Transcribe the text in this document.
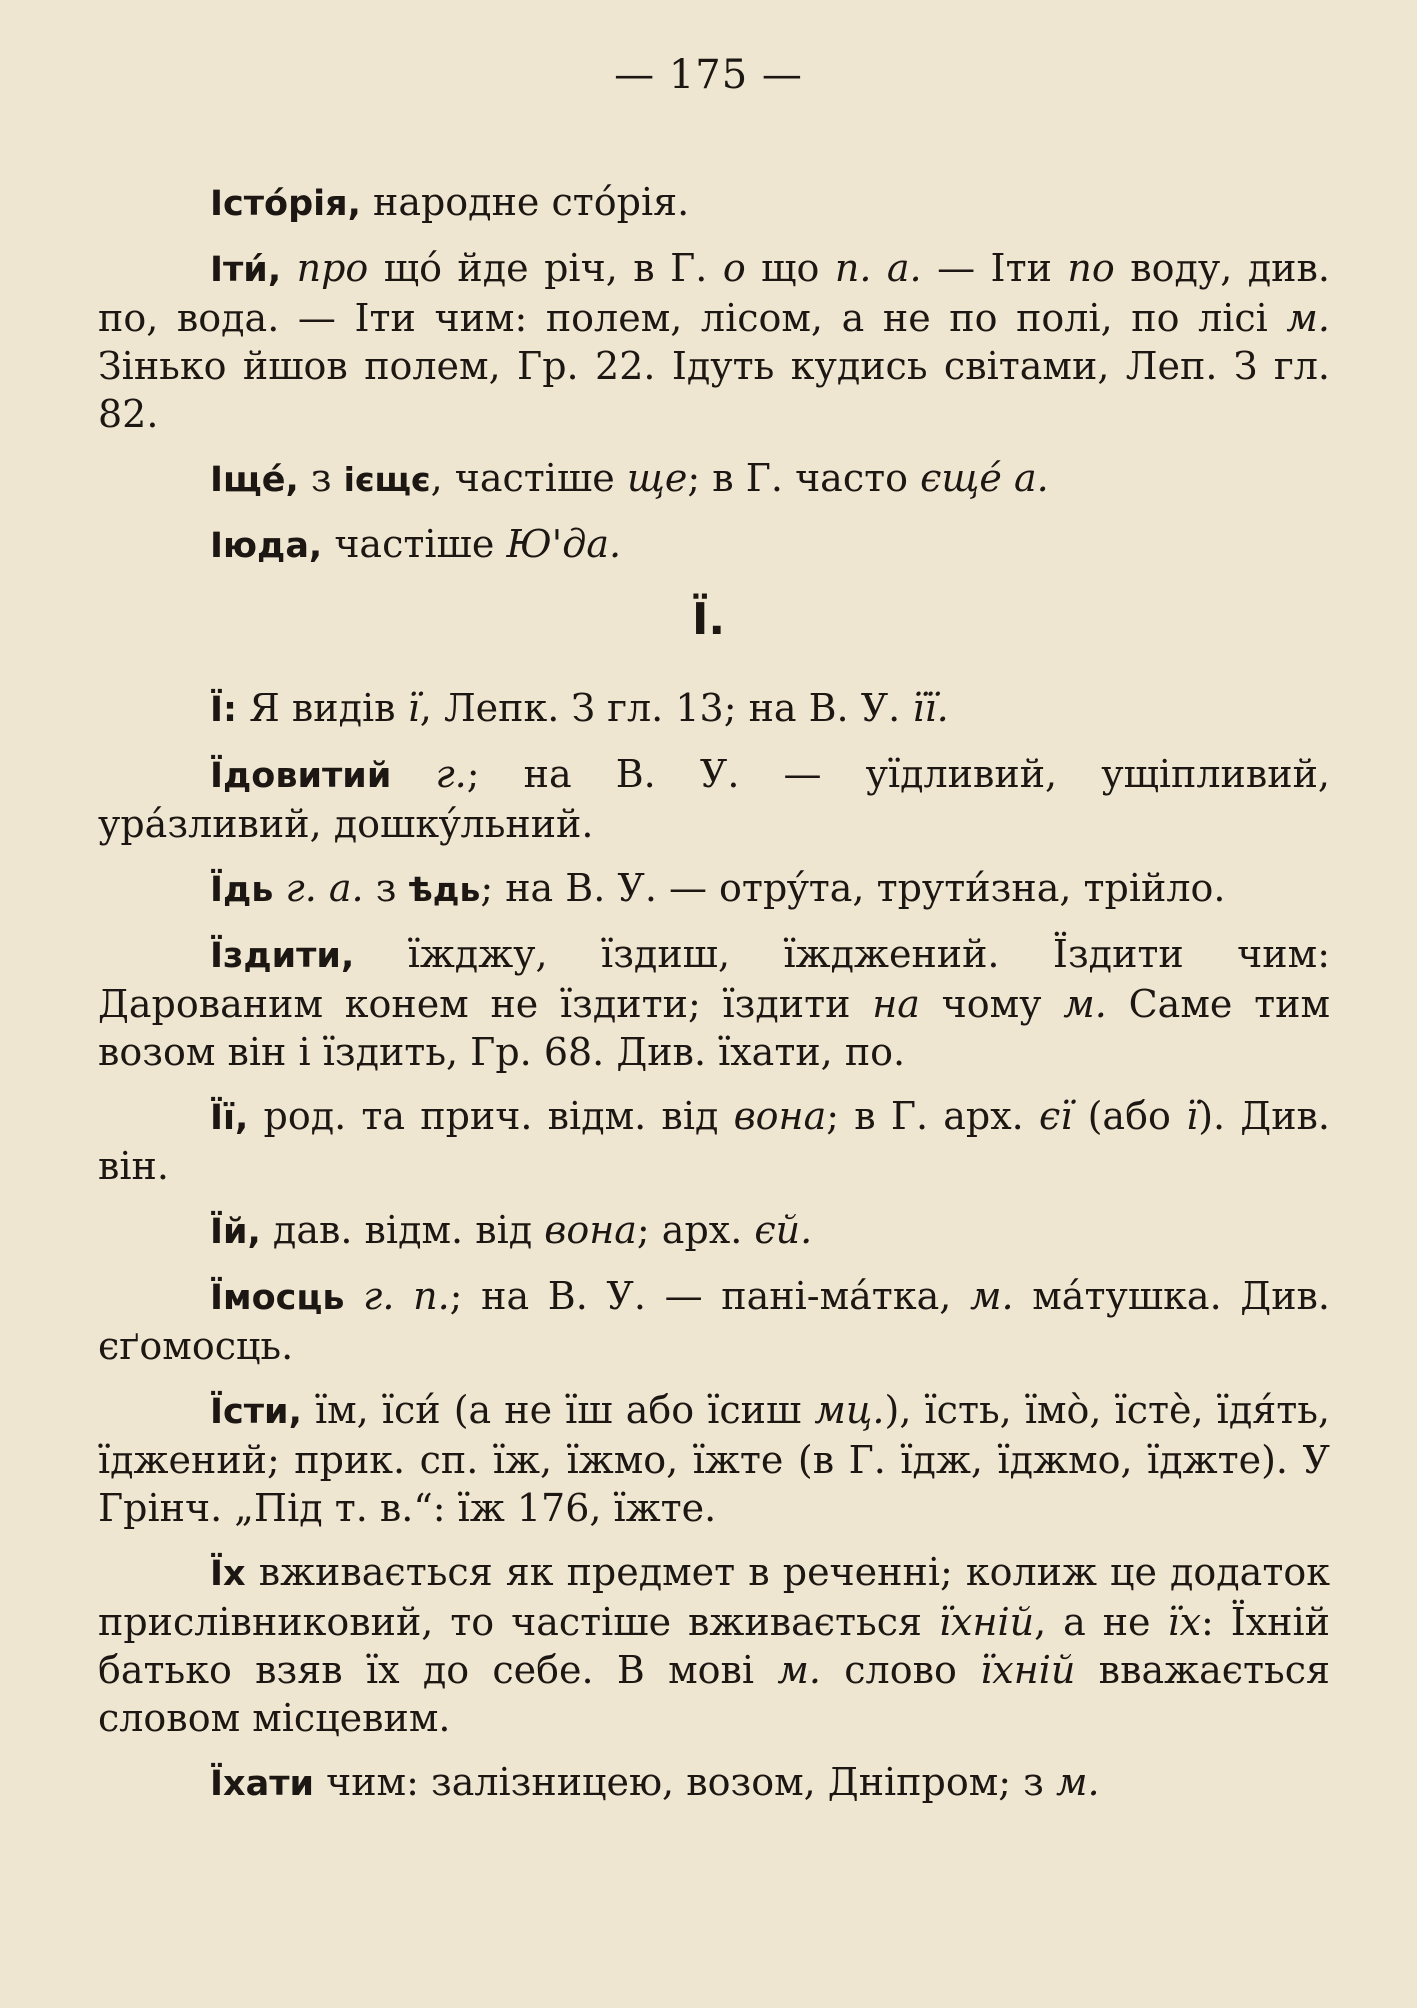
— 175 —

Істóрія, народне стóрія.

Іти́, про щó йде річ, в Г. о що п. а. — Іти по воду, див. по, вода. — Іти чим: полем, лісом, а не по полі, по лісі м. Зінько йшов полем, Гр. 22. Ідуть кудись світами, Леп. З гл. 82.

Іщé, з ієщє, частіше ще; в Г. часто єщé а.

Іюда, частіше Ю'да.

Ї.

Ї: Я видів ї, Лепк. З гл. 13; на В. У. її.

Їдовитий г.; на В. У. — уїдливий, ущіпливий, урáзливий, дошкýльний.

Їдь г. а. з ѣдь; на В. У. — отрýта, трути́зна, трійло.

Їздити, їжджу, їздиш, їжджений. Їздити чим: Дарованим конем не їздити; їздити на чому м. Саме тим возом він і їздить, Гр. 68. Див. їхати, по.

Її, род. та прич. відм. від вона; в Г. арх. єї (або ї). Див. він.

Їй, дав. відм. від вона; арх. єй.

Їмосць г. п.; на В. У. — пані-мáтка, м. мáтушка. Див. єґомосць.

Їсти, їм, їси́ (а не їш або їсиш мц.), їсть, їмò, їстè, їдя́ть, їджений; прик. сп. їж, їжмо, їжте (в Г. їдж, їджмо, їджте). У Грінч. „Під т. в.“: їж 176, їжте.

Їх вживається як предмет в реченні; колиж це додаток прислівниковий, то частіше вживається їхній, а не їх: Їхній батько взяв їх до себе. В мові м. слово їхній вважається словом місцевим.

Їхати чим: залізницею, возом, Дніпром; з м.
